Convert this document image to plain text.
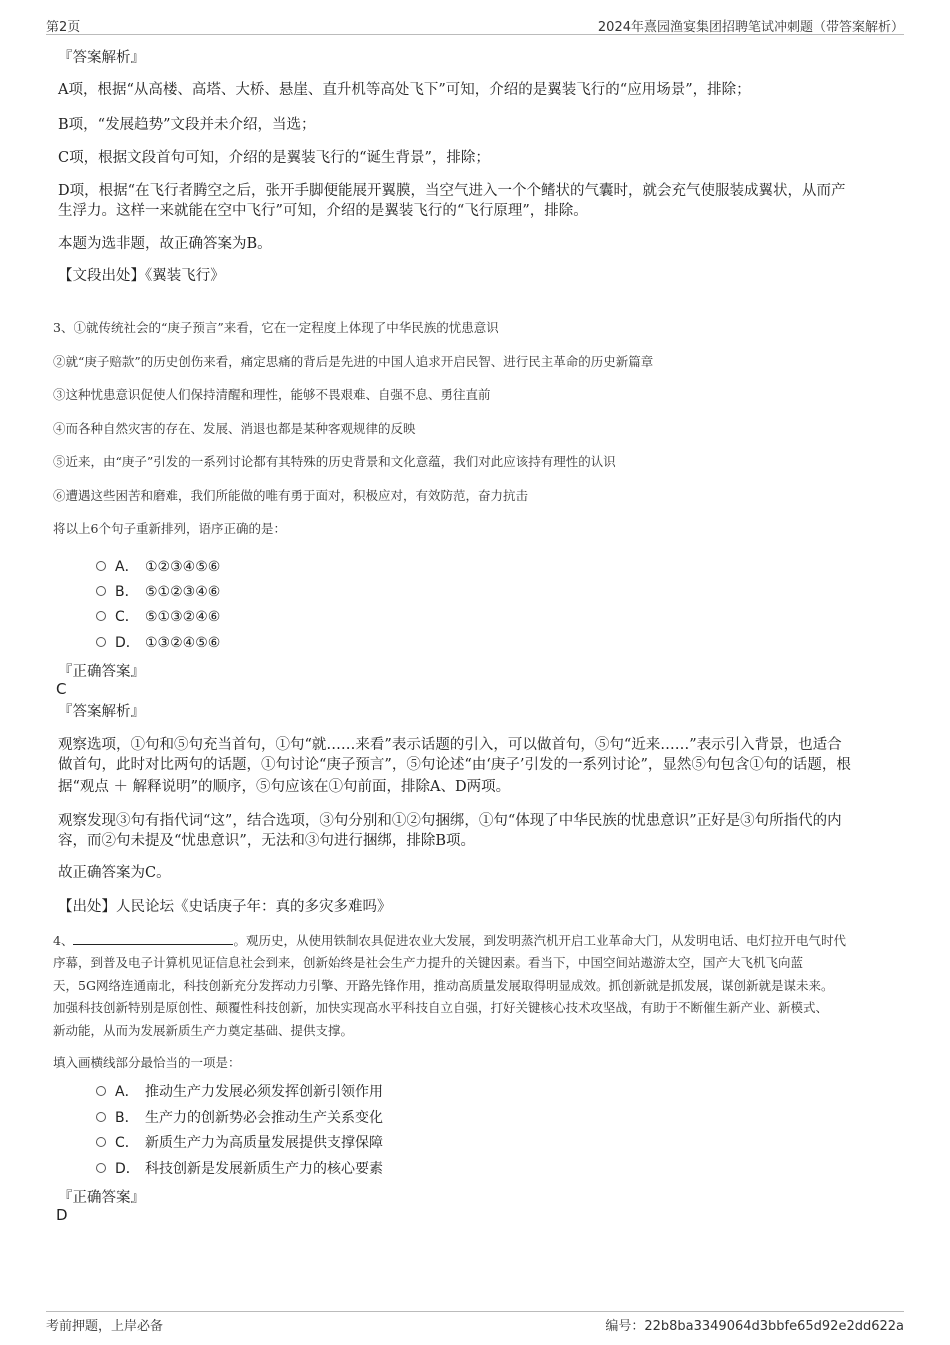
第2页	2024年熹园渔宴集团招聘笔试冲刺题（带答案解析）
『答案解析』
A项，根据“从高楼、高塔、大桥、悬崖、直升机等高处飞下”可知，介绍的是翼装飞行的“应用场景”，排除；
B项，“发展趋势”文段并未介绍，当选；
C项，根据文段首句可知，介绍的是翼装飞行的“诞生背景”，排除；
D项，根据“在飞行者腾空之后，张开手脚便能展开翼膜，当空气进入一个个鳍状的气囊时，就会充气使服装成翼状，从而产
生浮力。这样一来就能在空中飞行”可知，介绍的是翼装飞行的“飞行原理”，排除。
本题为选非题，故正确答案为B。
【文段出处】《翼装飞行》
3、①就传统社会的“庚子预言”来看，它在一定程度上体现了中华民族的忧患意识
②就“庚子赔款”的历史创伤来看，痛定思痛的背后是先进的中国人追求开启民智、进行民主革命的历史新篇章
③这种忧患意识促使人们保持清醒和理性，能够不畏艰难、自强不息、勇往直前
④而各种自然灾害的存在、发展、消退也都是某种客观规律的反映
⑤近来，由“庚子”引发的一系列讨论都有其特殊的历史背景和文化意蕴，我们对此应该持有理性的认识
⑥遭遇这些困苦和磨难，我们所能做的唯有勇于面对，积极应对，有效防范，奋力抗击
将以上6个句子重新排列，语序正确的是：
A． ①②③④⑤⑥
B． ⑤①②③④⑥
C． ⑤①③②④⑥
D． ①③②④⑤⑥
『正确答案』
C
『答案解析』
观察选项，①句和⑤句充当首句，①句“就……来看”表示话题的引入，可以做首句，⑤句“近来……”表示引入背景，也适合
做首句，此时对比两句的话题，①句讨论“庚子预言”，⑤句论述“由‘庚子’引发的一系列讨论”，显然⑤句包含①句的话题，根
据“观点 ＋ 解释说明”的顺序，⑤句应该在①句前面，排除A、D两项。
观察发现③句有指代词“这”，结合选项，③句分别和①②句捆绑，①句“体现了中华民族的忧患意识”正好是③句所指代的内
容，而②句未提及“忧患意识”，无法和③句进行捆绑，排除B项。
故正确答案为C。
【出处】人民论坛《史话庚子年：真的多灾多难吗》
4、	。观历史，从使用铁制农具促进农业大发展，到发明蒸汽机开启工业革命大门，从发明电话、电灯拉开电气时代
序幕，到普及电子计算机见证信息社会到来，创新始终是社会生产力提升的关键因素。看当下，中国空间站遨游太空，国产大飞机飞向蓝
天，5G网络连通南北，科技创新充分发挥动力引擎、开路先锋作用，推动高质量发展取得明显成效。抓创新就是抓发展，谋创新就是谋未来。
加强科技创新特别是原创性、颠覆性科技创新，加快实现高水平科技自立自强，打好关键核心技术攻坚战，有助于不断催生新产业、新模式、
新动能，从而为发展新质生产力奠定基础、提供支撑。
填入画横线部分最恰当的一项是：
A． 推动生产力发展必须发挥创新引领作用
B． 生产力的创新势必会推动生产关系变化
C． 新质生产力为高质量发展提供支撑保障
D． 科技创新是发展新质生产力的核心要素
『正确答案』
D
考前押题，上岸必备	编号：22b8ba3349064d3bbfe65d92e2dd622a
